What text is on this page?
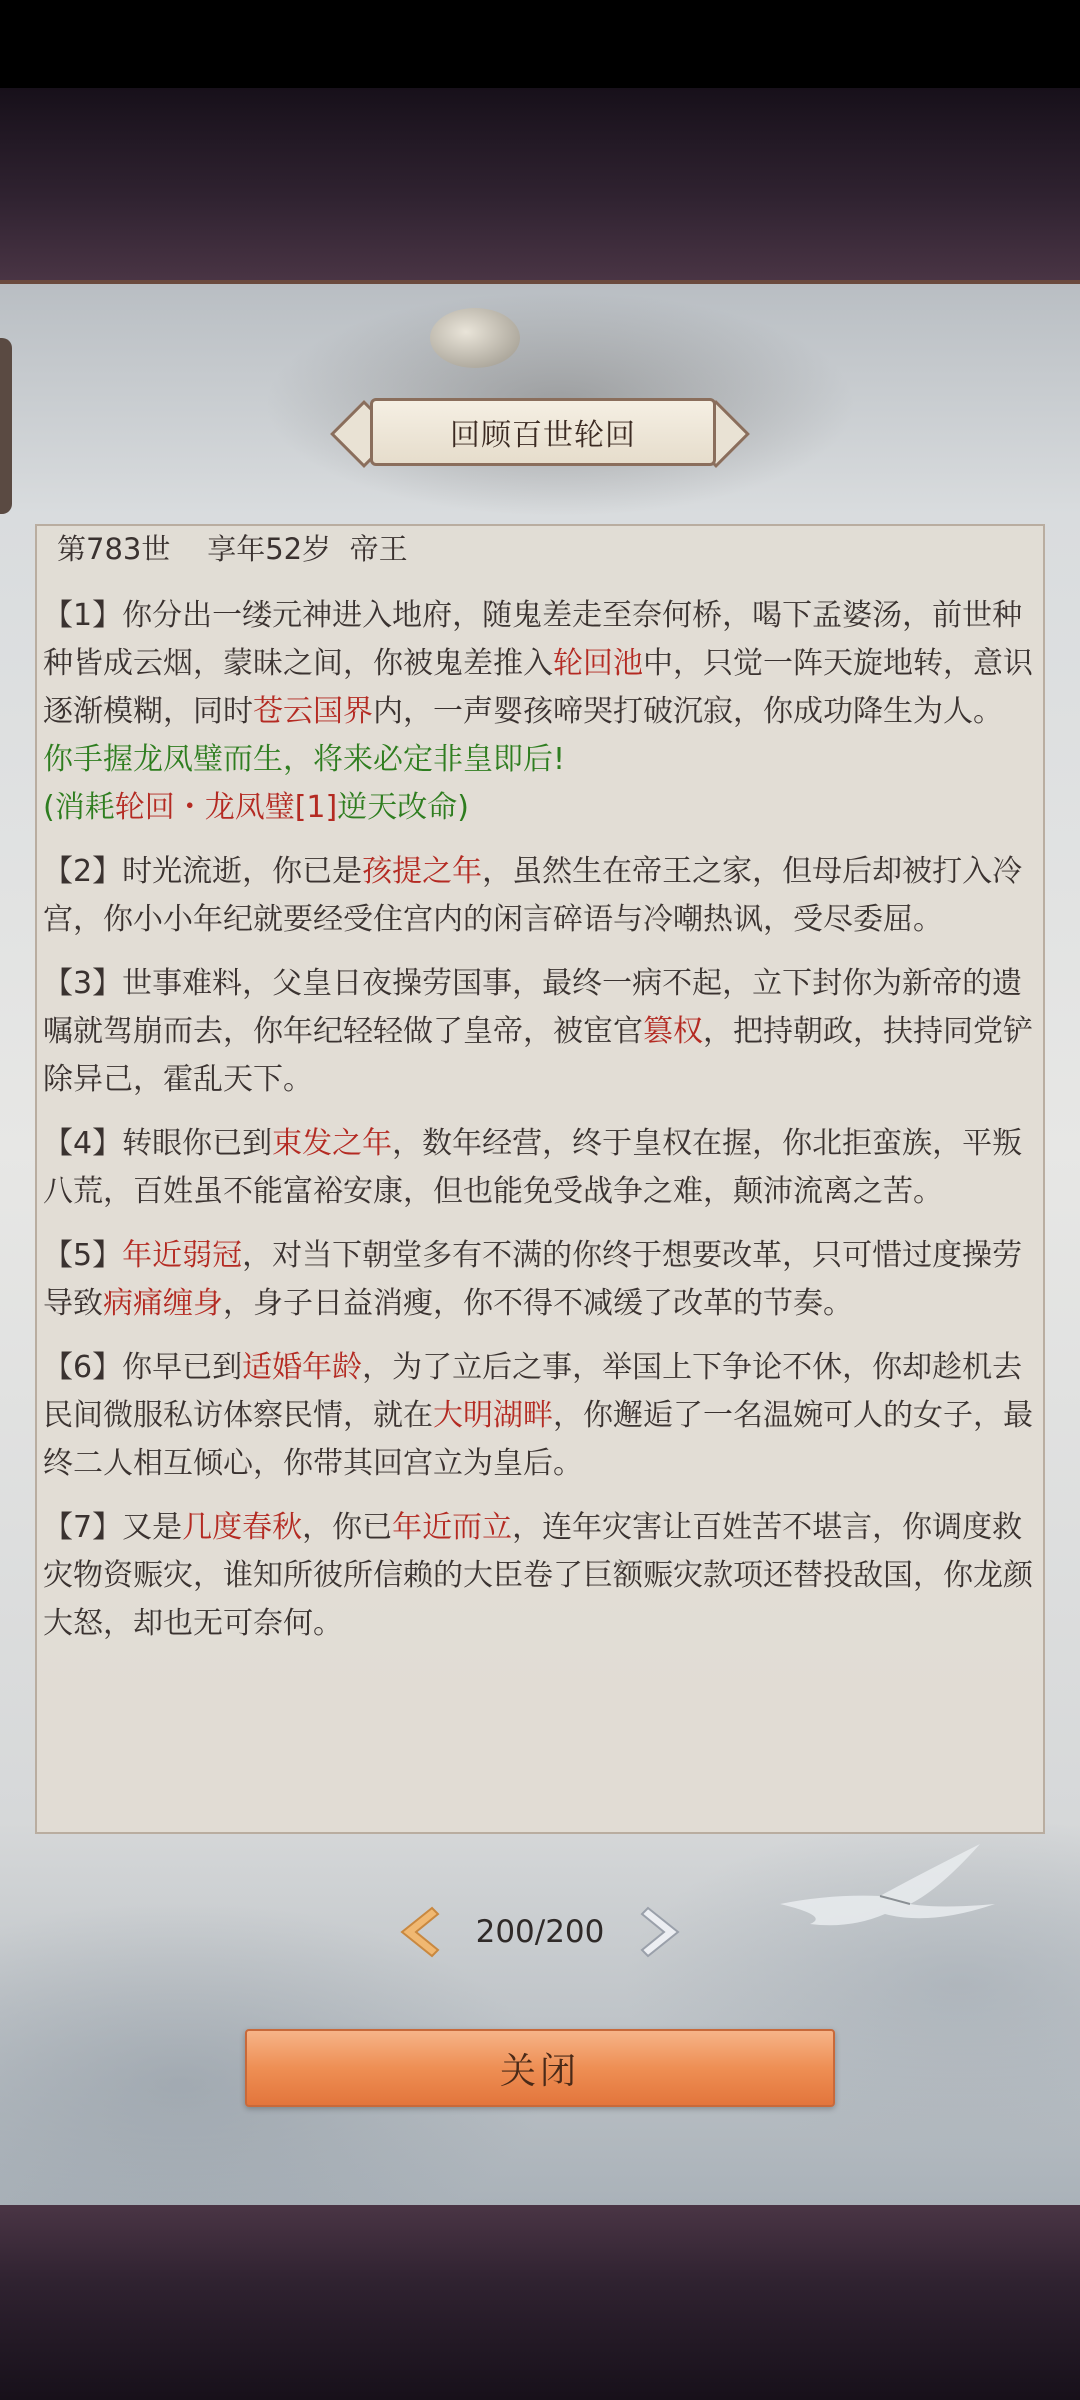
回顾百世轮回
第783世 享年52岁 帝王
【1】你分出一缕元神进入地府，随鬼差走至奈何桥，喝下孟婆汤，前世种种皆成云烟，蒙昧之间，你被鬼差推入轮回池中，只觉一阵天旋地转，意识逐渐模糊，同时苍云国界内，一声婴孩啼哭打破沉寂，你成功降生为人。
你手握龙凤璧而生，将来必定非皇即后!
(消耗轮回・龙凤璧[1]逆天改命)
【2】时光流逝，你已是孩提之年，虽然生在帝王之家，但母后却被打入冷宫，你小小年纪就要经受住宫内的闲言碎语与冷嘲热讽，受尽委屈。
【3】世事难料，父皇日夜操劳国事，最终一病不起，立下封你为新帝的遗嘱就驾崩而去，你年纪轻轻做了皇帝，被宦官篡权，把持朝政，扶持同党铲除异己，霍乱天下。
【4】转眼你已到束发之年，数年经营，终于皇权在握，你北拒蛮族，平叛八荒，百姓虽不能富裕安康，但也能免受战争之难，颠沛流离之苦。
【5】年近弱冠，对当下朝堂多有不满的你终于想要改革，只可惜过度操劳导致病痛缠身，身子日益消瘦，你不得不减缓了改革的节奏。
【6】你早已到适婚年龄，为了立后之事，举国上下争论不休，你却趁机去民间微服私访体察民情，就在大明湖畔，你邂逅了一名温婉可人的女子，最终二人相互倾心，你带其回宫立为皇后。
【7】又是几度春秋，你已年近而立，连年灾害让百姓苦不堪言，你调度救灾物资赈灾，谁知所彼所信赖的大臣卷了巨额赈灾款项还替投敌国，你龙颜大怒，却也无可奈何。
200/200
关闭
